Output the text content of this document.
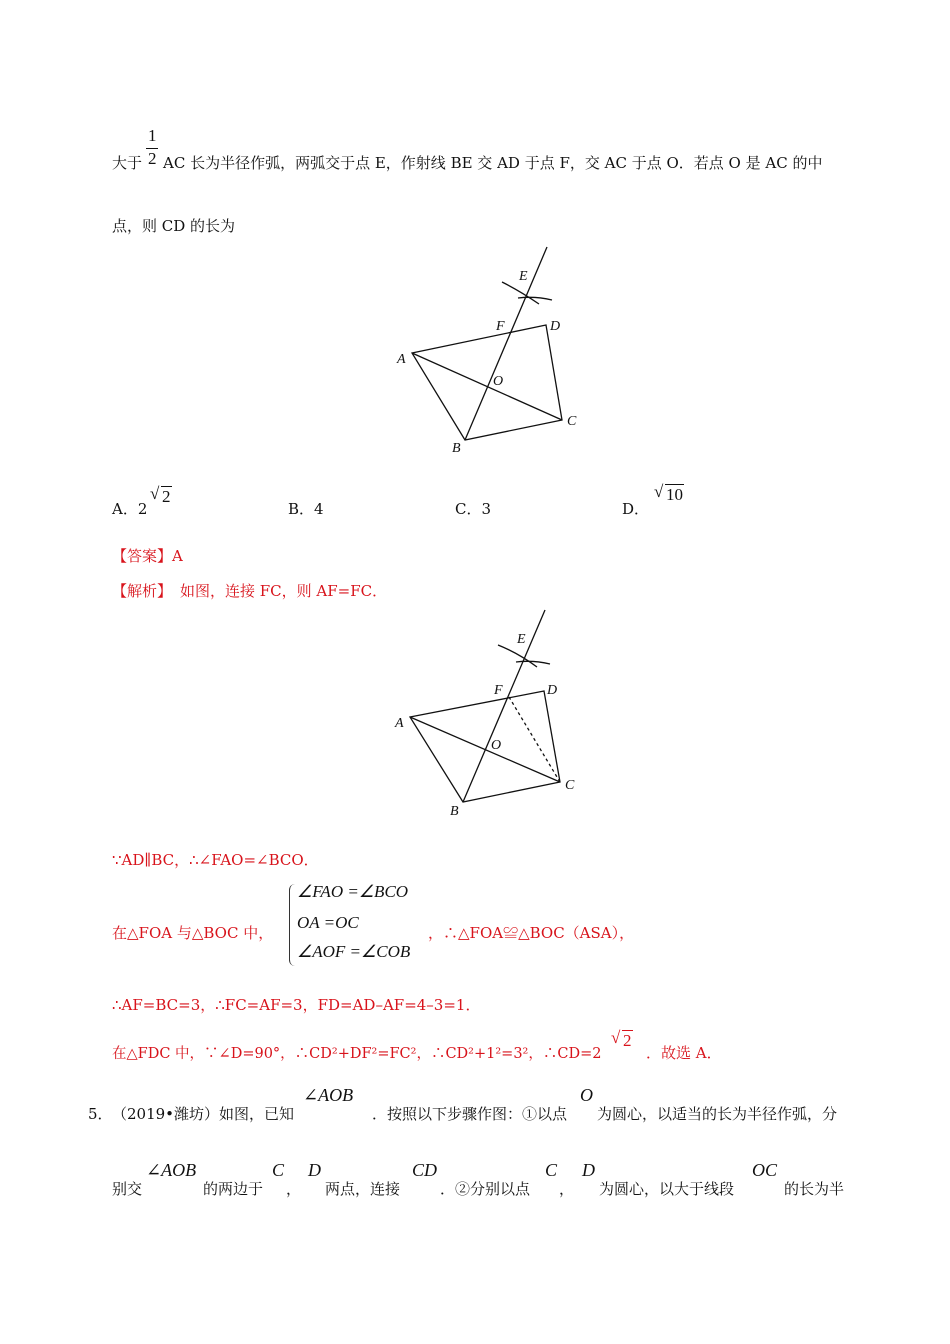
1
2
大于 AC 长为半径作弧，两弧交于点 E，作射线 BE 交 AD 于点 F，交 AC 于点 O．若点 O 是 AC 的中
点，则 CD 的长为
E
F	D
A
O
C
B
A．2
√ 2
B．4	C．3	D．
√ 10
【答案】A
【解析】 如图，连接 FC，则 AF=FC．
E
F	D
A
O
C
B
∵AD∥BC，∴∠FAO=∠BCO．
在△FOA 与△BOC 中，
∠FAO =∠BCO
OA =OC
∠AOF =∠COB
，∴△FOA≌△BOC（ASA），
∴AF=BC=3，∴FC=AF=3，FD=AD–AF=4–3=1．
在△FDC 中，∵∠D=90°，∴CD²+DF²=FC²，∴CD²+1²=3²，∴CD=2
√ 2
．故选 A．
5． （2019•潍坊）如图，已知
∠AOB
．按照以下步骤作图：①以点
O
为圆心，以适当的长为半径作弧，分
别交
∠AOB
的两边于
C
，
D
两点，连接
CD
．②分别以点
C
，
D
为圆心，以大于线段
OC
的长为半
